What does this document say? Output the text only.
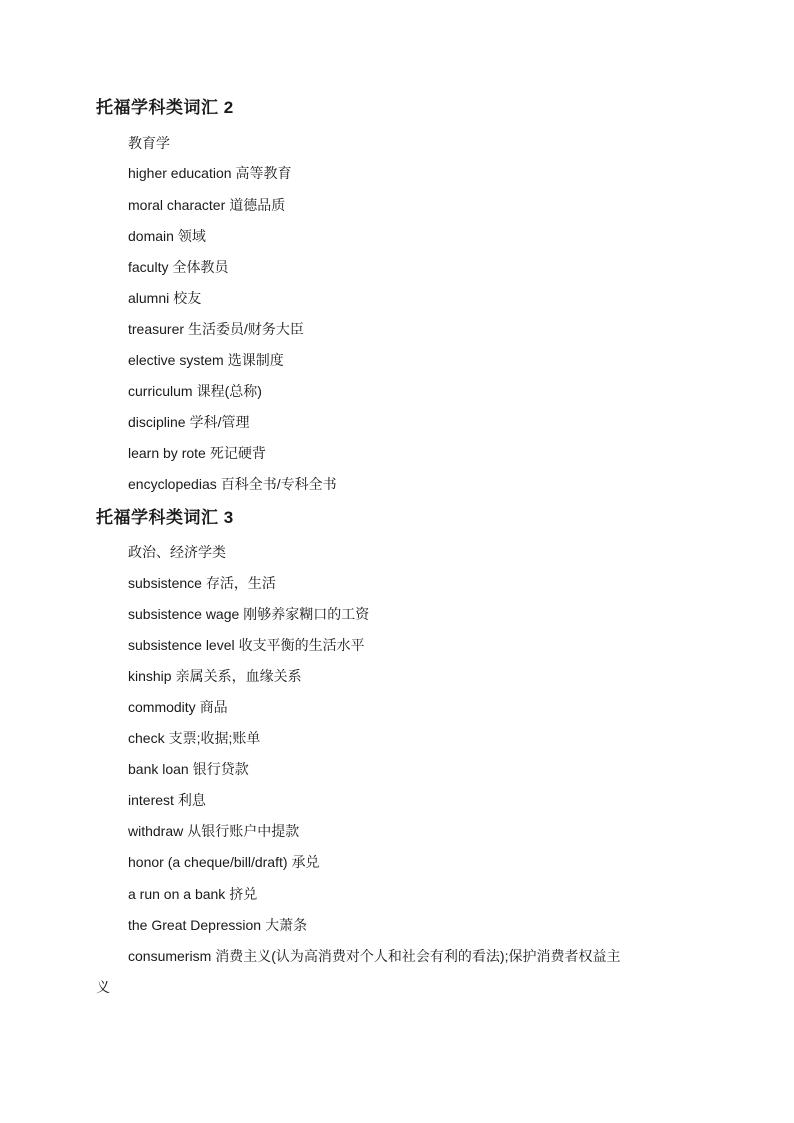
托福学科类词汇 2
教育学
higher education 高等教育
moral character 道德品质
domain 领域
faculty 全体教员
alumni 校友
treasurer 生活委员/财务大臣
elective system 选课制度
curriculum 课程(总称)
discipline 学科/管理
learn by rote 死记硬背
encyclopedias 百科全书/专科全书
托福学科类词汇 3
政治、经济学类
subsistence 存活，生活
subsistence wage 刚够养家糊口的工资
subsistence level 收支平衡的生活水平
kinship 亲属关系，血缘关系
commodity 商品
check 支票;收据;账单
bank loan 银行贷款
interest 利息
withdraw 从银行账户中提款
honor (a cheque/bill/draft) 承兑
a run on a bank 挤兑
the Great Depression 大萧条
consumerism 消费主义(认为高消费对个人和社会有利的看法);保护消费者权益主
义
